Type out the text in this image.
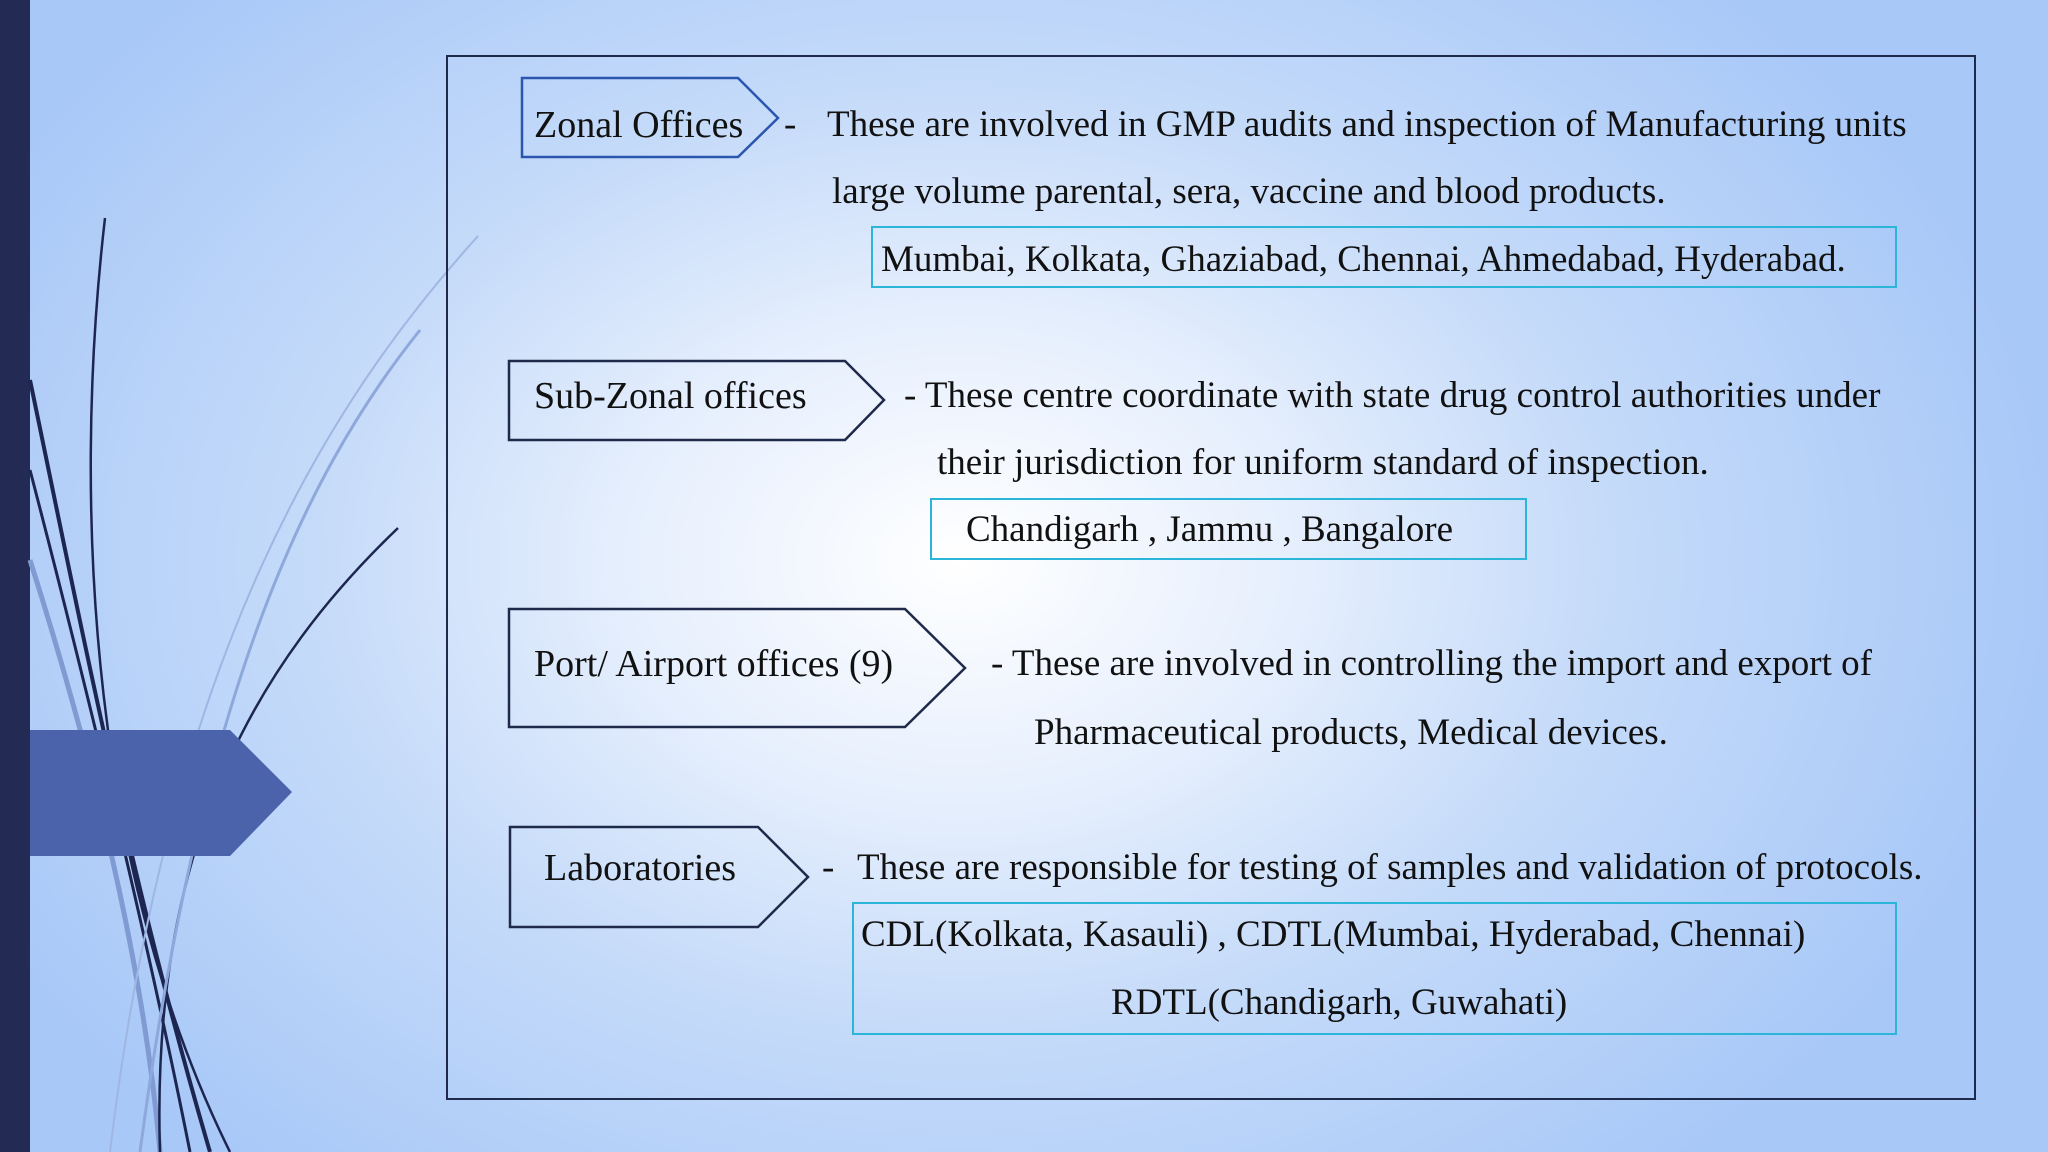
Zonal Offices - These are involved in GMP audits and inspection of Manufacturing units
large volume parental, sera, vaccine and blood products.
Mumbai, Kolkata, Ghaziabad, Chennai, Ahmedabad, Hyderabad.
Sub-Zonal offices	- These centre coordinate with state drug control authorities under
their jurisdiction for uniform standard of inspection.
Chandigarh , Jammu , Bangalore
Port/ Airport offices (9)	- These are involved in controlling the import and export of
Pharmaceutical products, Medical devices.
Laboratories - These are responsible for testing of samples and validation of protocols.
CDL(Kolkata, Kasauli) , CDTL(Mumbai, Hyderabad, Chennai)
RDTL(Chandigarh, Guwahati)
